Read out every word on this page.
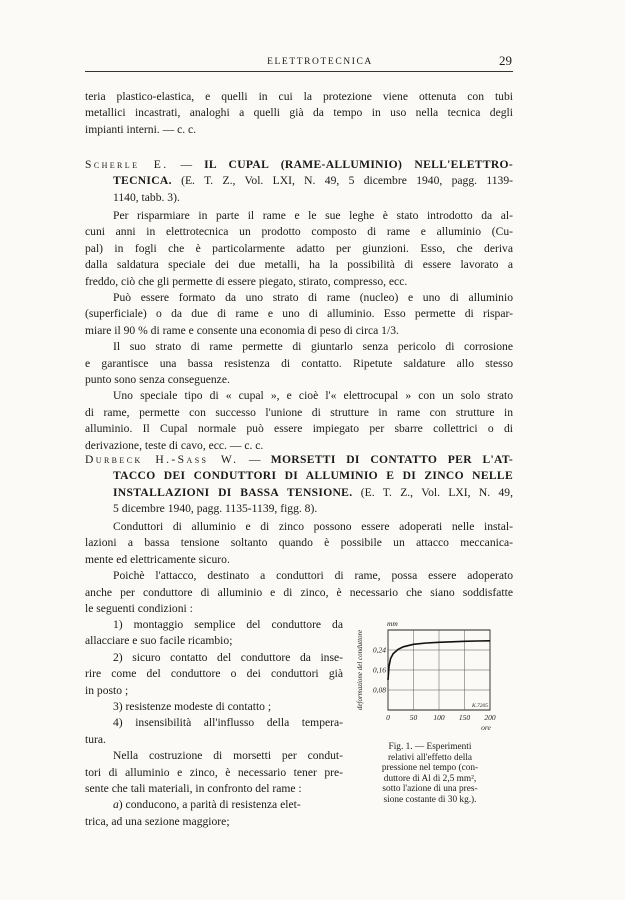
ELETTROTECNICA	29
teria plastico-elastica, e quelli in cui la protezione viene ottenuta con tubi
metallici incastrati, analoghi a quelli già da tempo in uso nella tecnica degli
impianti interni. — c. c.
Scherle E. — IL CUPAL (RAME-ALLUMINIO) NELL'ELETTRO-
TECNICA. (E. T. Z., Vol. LXI, N. 49, 5 dicembre 1940, pagg. 1139-
1140, tabb. 3).
Per risparmiare in parte il rame e le sue leghe è stato introdotto da al-
cuni anni in elettrotecnica un prodotto composto di rame e alluminio (Cu-
pal) in fogli che è particolarmente adatto per giunzioni. Esso, che deriva
dalla saldatura speciale dei due metalli, ha la possibilità di essere lavorato a
freddo, ciò che gli permette di essere piegato, stirato, compresso, ecc.
Può essere formato da uno strato di rame (nucleo) e uno di alluminio
(superficiale) o da due di rame e uno di alluminio. Esso permette di rispar-
miare il 90 % di rame e consente una economia di peso di circa 1/3.
Il suo strato di rame permette di giuntarlo senza pericolo di corrosione
e garantisce una bassa resistenza di contatto. Ripetute saldature allo stesso
punto sono senza conseguenze.
Uno speciale tipo di « cupal », e cioè l'« elettrocupal » con un solo strato
di rame, permette con successo l'unione di strutture in rame con strutture in
alluminio. Il Cupal normale può essere impiegato per sbarre collettrici o di
derivazione, teste di cavo, ecc. — c. c.
Durbeck H.-Sass W. — MORSETTI DI CONTATTO PER L'AT-
TACCO DEI CONDUTTORI DI ALLUMINIO E DI ZINCO NELLE
INSTALLAZIONI DI BASSA TENSIONE. (E. T. Z., Vol. LXI, N. 49,
5 dicembre 1940, pagg. 1135-1139, figg. 8).
Conduttori di alluminio e di zinco possono essere adoperati nelle instal-
lazioni a bassa tensione soltanto quando è possibile un attacco meccanica-
mente ed elettricamente sicuro.
Poichè l'attacco, destinato a conduttori di rame, possa essere adoperato
anche per conduttore di alluminio e di zinco, è necessario che siano soddisfatte
le seguenti condizioni :
1) montaggio semplice del conduttore da
allacciare e suo facile ricambio;
2) sicuro contatto del conduttore da inse-
rire come del conduttore o dei conduttori già
in posto ;
3) resistenze modeste di contatto ;
4) insensibilità all'influsso della tempera-
tura.
Nella costruzione di morsetti per condut-
tori di alluminio e zinco, è necessario tener pre-
sente che tali materiali, in confronto del rame :
a) conducono, a parità di resistenza elet-
trica, ad una sezione maggiore;
0	50 100 150 200
0,08
0,16
0,24
mm
ore
deformazione del conduttore	K.7205
Fig. 1. — Esperimenti
relativi all'effetto della
pressione nel tempo (con-
duttore di Al di 2,5 mm²,
sotto l'azione di una pres-
sione costante di 30 kg.).
